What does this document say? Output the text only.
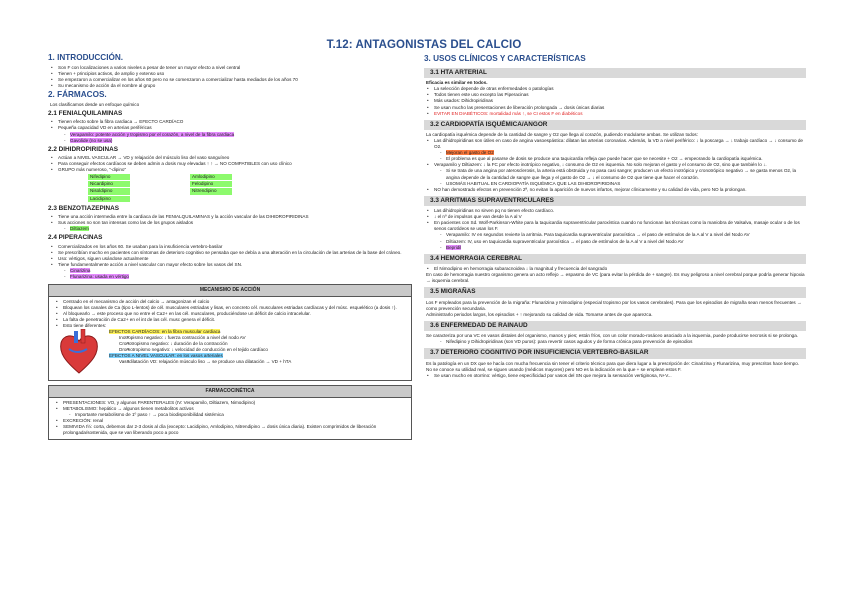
T.12: ANTAGONISTAS DEL CALCIO
1. INTRODUCCIÓN.
• Son F con localizaciones a varios niveles a pesar de tener un mayor efecto a nivel central
• Tienen + principios activos, de amplio y extenso uso
• Se empezaron a comercializar en los años 60 pero no se comenzaron a comercializar hasta mediados de los años 70
• Su mecanismo de acción da el nombre al grupo
2. FÁRMACOS.
Los clasificamos desde un enfoque químico
2.1 FENIALQUILAMINAS
• Tienen efecto sobre la fibra cardiaca → EFECTO CARDÍACO
• Pequeña capacidad VD en arterias periféricas
- Verapamilo: potente acción y tropismo por el corazón, a nivel de la fibra cardiaca
- Gavolide (no se usa)
2.2 DIHIDROPIRIDINAS
• Actúan a NIVEL VASCULAR → VD y relajación del músculo liso del vaso sanguíneo
• Para conseguir efectos cardíacos se deben admin a dosis muy elevadas ↑ ↑ → NO COMPATIBLES con uso clínico
• GRUPO más numeroso, "-dipino"
Nifedipino
Nicardipino
Nisoldipino
Lacidipino
Amlodipino
Felodipino
Nitrendipino
2.3 BENZOTIAZEPINAS
• Tiene una acción intermedia entre la cardiaca de las FENIALQUILAMINAS y la acción vascular de las DIHIDROPIRIDINAS
• Sus acciones no son tan intensas como las de los grupos aislados
- Diltiazem
2.4 PIPERACINAS
• Comercializados en los años 60. Se usaban para la insuficiencia vertebro-basilar
• Se prescribían mucho en pacientes con síntomas de deterioro cognitivo se pensaba que se debía a una alteración en la circulación de las arterias de la base del cráneo.
• Uso: vértigos, siguen usándose actualmente
• Tiene fundamentalmente acción a nivel vascular con mayor efecto sobre los vasos del SN.
- Cinarizina
- Flunarizina: usada en vértigo
MECANISMO DE ACCIÓN
• Centrado en el mecanismo de acción del calcio → antagonizan el calcio
• Bloquean los canales de Ca (tipo L-lentos) de cél. musculares estriadas y lisas, en concreto cél. musculares estriadas cardíacas y del músc. esquelético (a dosis ↑).
• Al bloquearlo → este proceso que no entre el Ca2+ en las cél. musculares, produciéndose un déficit de calcio intracelular.
• La falta de penetración de Ca2+ en el int de las cél. musc genera el déficit.
• Esto tiene diferentes:
- EFECTOS CARDÍACOS: en la fibra muscular cardiaca
o Inotropismo negativo: ↓ fuerza contracción a nivel del nodo AV
o Cronotropismo negativo: ↓ duración de la contracción
o Dromotropismo negativo: ↓ velocidad de conducción en el tejido cardíaco
- EFECTOS A NIVEL VASCULAR: en los vasos arteriales
o Vasodilatación VD: relajación músculo liso → se produce una dilatación → VD + hTA
FARMACOCINÉTICA
• PRESENTACIONES: VO, y algunos PARENTERALES (IV: Verapamilo, Diltiazem, Nimodipino)
• METABOLISMO: hepático → algunos tienen metabolitos activos
- Importante metabolismo de 1º paso ↑ → poca biodisponibilidad sistémica
• EXCRECIÓN: renal
• SEMIVIDA t½: corta, debemos dar 2-3 dosis al día (excepto: Lacidipino, Amlodipino, Nitrendipino → dosis única diaria). Existen comprimidos de liberación prolongada/sostenida, que se van liberando poco a poco
3. USOS CLÍNICOS Y CARACTERÍSTICAS
3.1 HTA ARTERIAL
Eficacia es similar en todos.
• La selección depende de otras enfermedades o patologías
• Todos tienen este uso excepto las Piperacinas
• Más usados: Dihidropiridinas
• Se usan mucho las presentaciones de liberación prolongada → dosis únicas diarias
• EVITAR EN DIABÉTICOS: mortalidad más ↑, se CI estos F en diabéticos
3.2 CARDIOPATÍA ISQUÉMICA/ANGOR
La cardiopatía isquémica depende de la cantidad de sangre y O2 que llega al corazón, pudiendo modularse ambas. Se utilizan todos:
• Las dihidropiridinas son útiles en caso de angina vasoespástica: dilatan las arterias coronarias. Además, la VD a nivel periférico: ↓ la poscarga → ↓ trabajo cardíaco → ↓ consumo de O2.
- Mejoran el gasto de O2
- El problema es que al pasarse de dosis se produce una taquicardia refleja que puede hacer que se necesite + O2 → empeorando la cardiopatía isquémica.
• Verapamilo y Diltiazem: ↓ la FC por efecto inotrópico negativo, ↓ consumo de O2 en isquemia. No solo mejoran el gasto y el consumo de O2, sino que también lo ↓.
- Si se trata de una angina por aterosclerosis, la arteria está obstruida y no pasa casi sangre; producen un efecto inotrópico y cronotrópico negativo → se gasta menos O2, la angina depende de la cantidad de sangre que llega y el gasto de O2 → ↓ el consumo de O2 que tiene que hacer el corazón.
- USOMÁS HABITUAL EN CARDIOPATÍA ISQUÉMICA QUE LAS DIHIDROPIRIDINAS
• NO han demostrado efectos en prevención 2ª, no evitan la aparición de nuevos infartos, mejorar clínicamente y su calidad de vida, pero NO la prolongan.
3.3 ARRITMIAS SUPRAVENTRICULARES
• Las dihidropiridinas no sirven pq no tienen efecto cardíaco.
• ↓ el nº de impulsos que van desde la A al V
• En pacientes con Sd. Wolf-Parkinson-White para la taquicardia supraventricular paroxística cuando no funcionan las técnicas como la maniobra de Valsalva, masaje ocular o de los senos carotídeos se usan los F.
- Verapamilo: IV en segundos revierte la arritmia. Para taquicardia supraventricular paroxística → el paso de estímulos de la A al V a nivel del Nodo AV
- Diltiazem: IV, uso en taquicardia supraventricular paroxística → el paso de estímulos de la A al V a nivel del Nodo AV
- Bepridil
3.4 HEMORRAGIA CEREBRAL
• El Nimodipino en hemorragia subaracnoidea ↓ la magnitud y frecuencia del sangrado
En caso de hemorragia nuestro organismo genera un acto reflejo → espasmo de VC (para evitar la pérdida de + sangre). Es muy peligroso a nivel cerebral porque podría generar hipoxia → isquemia cerebral.
3.5 MIGRAÑAS
Los F empleados para la prevención de la migraña: Flunarizina y Nimodipino (especial tropismo por los vasos cerebrales). Para que los episodios de migraña sean menos frecuentes → como prevención secundaria.
Administrarlo periodos largos, los episodios + ↑ mejorando su calidad de vida. Tomarse antes de que aparezca.
3.6 ENFERMEDAD DE RAINAUD
Se caracteriza por una VC en vasos distales del organismo, manos y pies; están fríos, con un color morado-rosáceo asociado a la isquemia, puede producirse necrosis si se prolonga.
- Nifedipino y Dihidropiridinas (son VD puros): para revertir casos agudos y de forma crónica para prevención de episodios
3.7 DETERIORO COGNITIVO POR INSUFICIENCIA VERTEBRO-BASILAR
Es la patología en un DX que se hacía con mucha frecuencia sin tener el criterio técnico para que diera lugar a la prescripción de: Cinarizina y Flunarizina, muy prescritos hace tiempo.
No se conoce su utilidad real, se siguen usando (médicos mayores) pero NO es la indicación en la que + se emplean estos F.
• Se usan mucho en otorrino: vértigo, tiene especificidad por vasos del SN que mejora la sensación vertiginosa, N+V...
